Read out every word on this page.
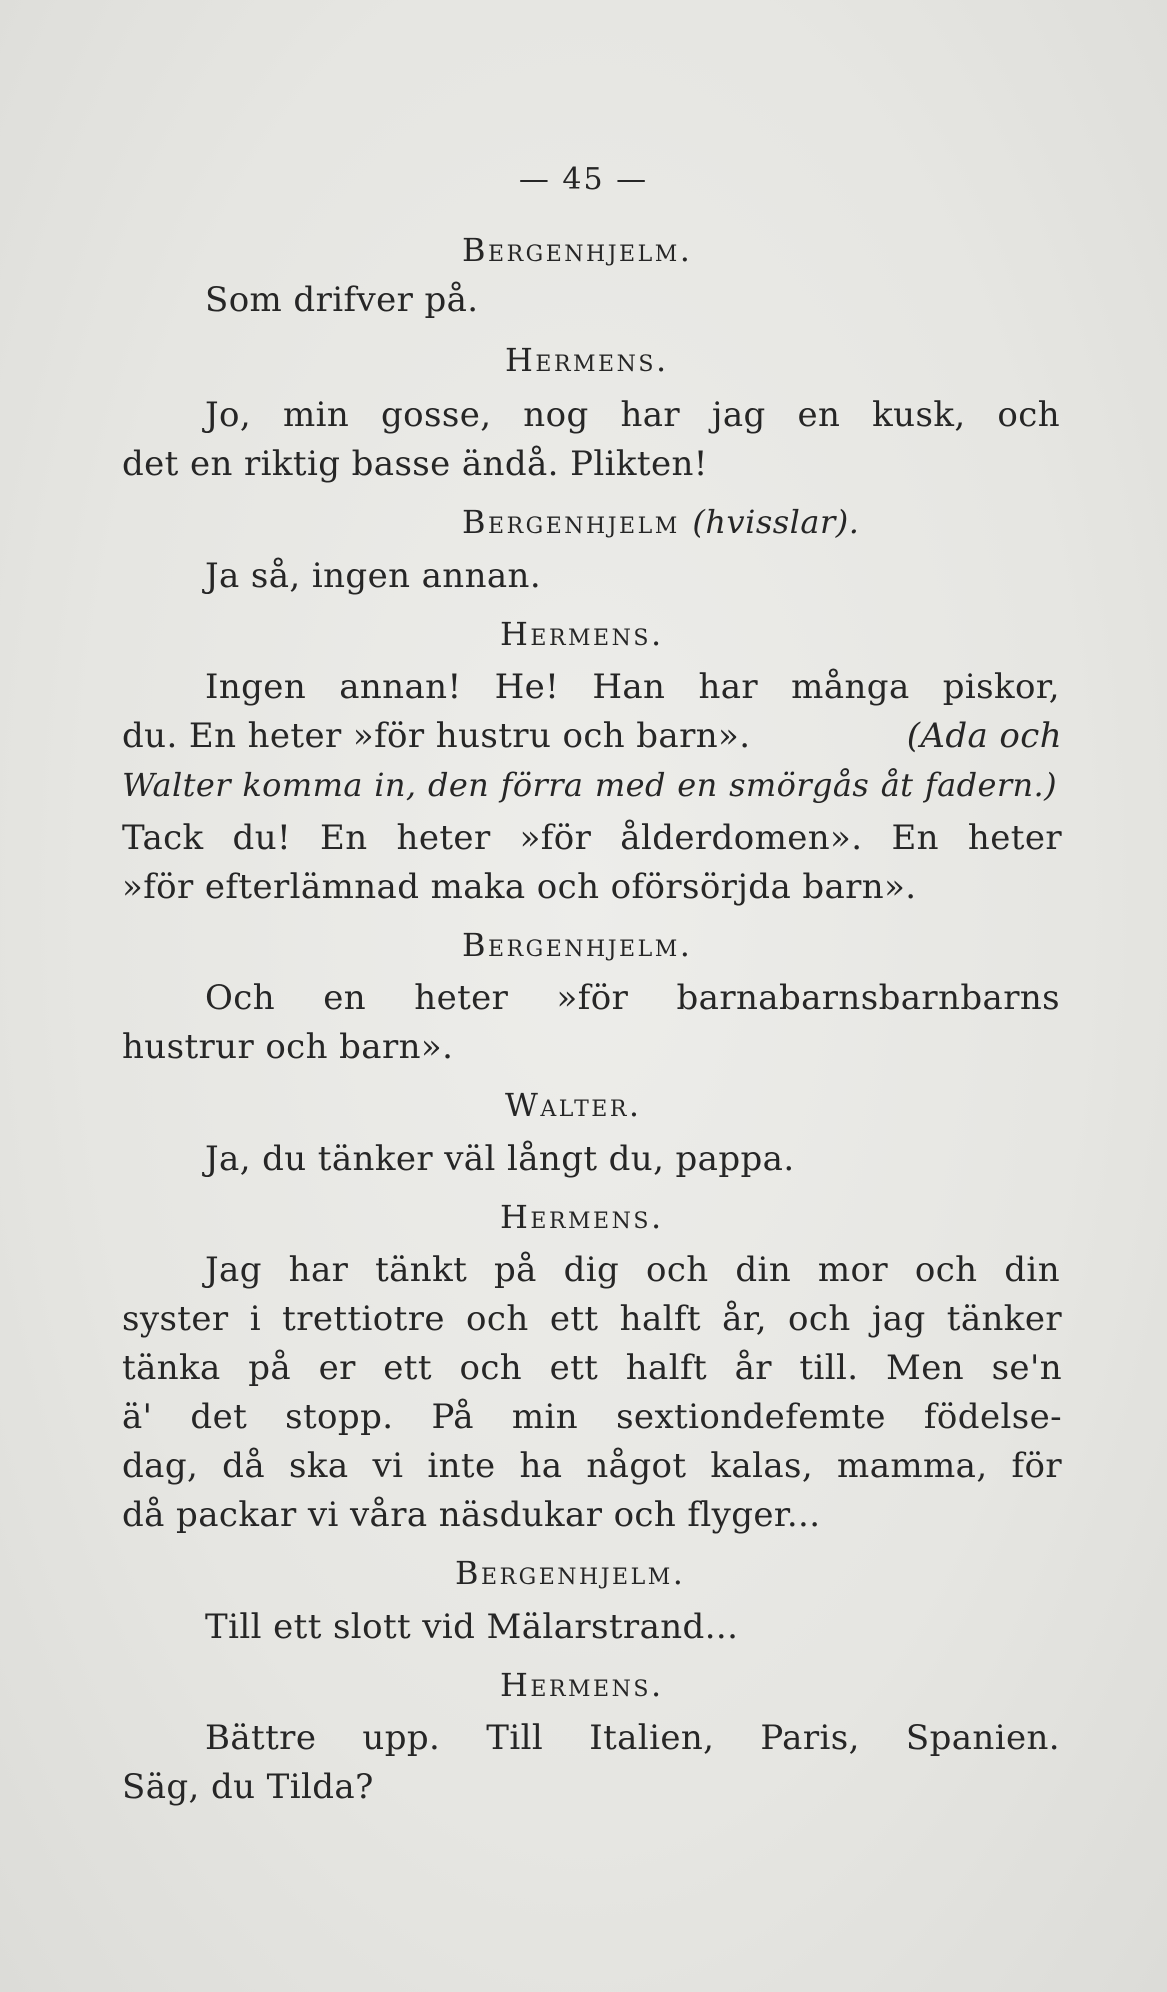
— 45 —
Bergenhjelm.
Som drifver på.
Hermens.
Jo, min gosse, nog har jag en kusk, och
det en riktig basse ändå. Plikten!
Bergenhjelm (hvisslar).
Ja så, ingen annan.
Hermens.
Ingen annan! He! Han har många piskor,
du. En heter »för hustru och barn».	(Ada och
Walter komma in, den förra med en smörgås åt fadern.)
Tack du! En heter »för ålderdomen». En heter
»för efterlämnad maka och oförsörjda barn».
Bergenhjelm.
Och en heter »för barnabarnsbarnbarns
hustrur och barn».
Walter.
Ja, du tänker väl långt du, pappa.
Hermens.
Jag har tänkt på dig och din mor och din
syster i trettiotre och ett halft år, och jag tänker
tänka på er ett och ett halft år till. Men se'n
ä' det stopp. På min sextiondefemte födelse-
dag, då ska vi inte ha något kalas, mamma, för
då packar vi våra näsdukar och flyger...
Bergenhjelm.
Till ett slott vid Mälarstrand...
Hermens.
Bättre upp. Till Italien, Paris, Spanien.
Säg, du Tilda?
